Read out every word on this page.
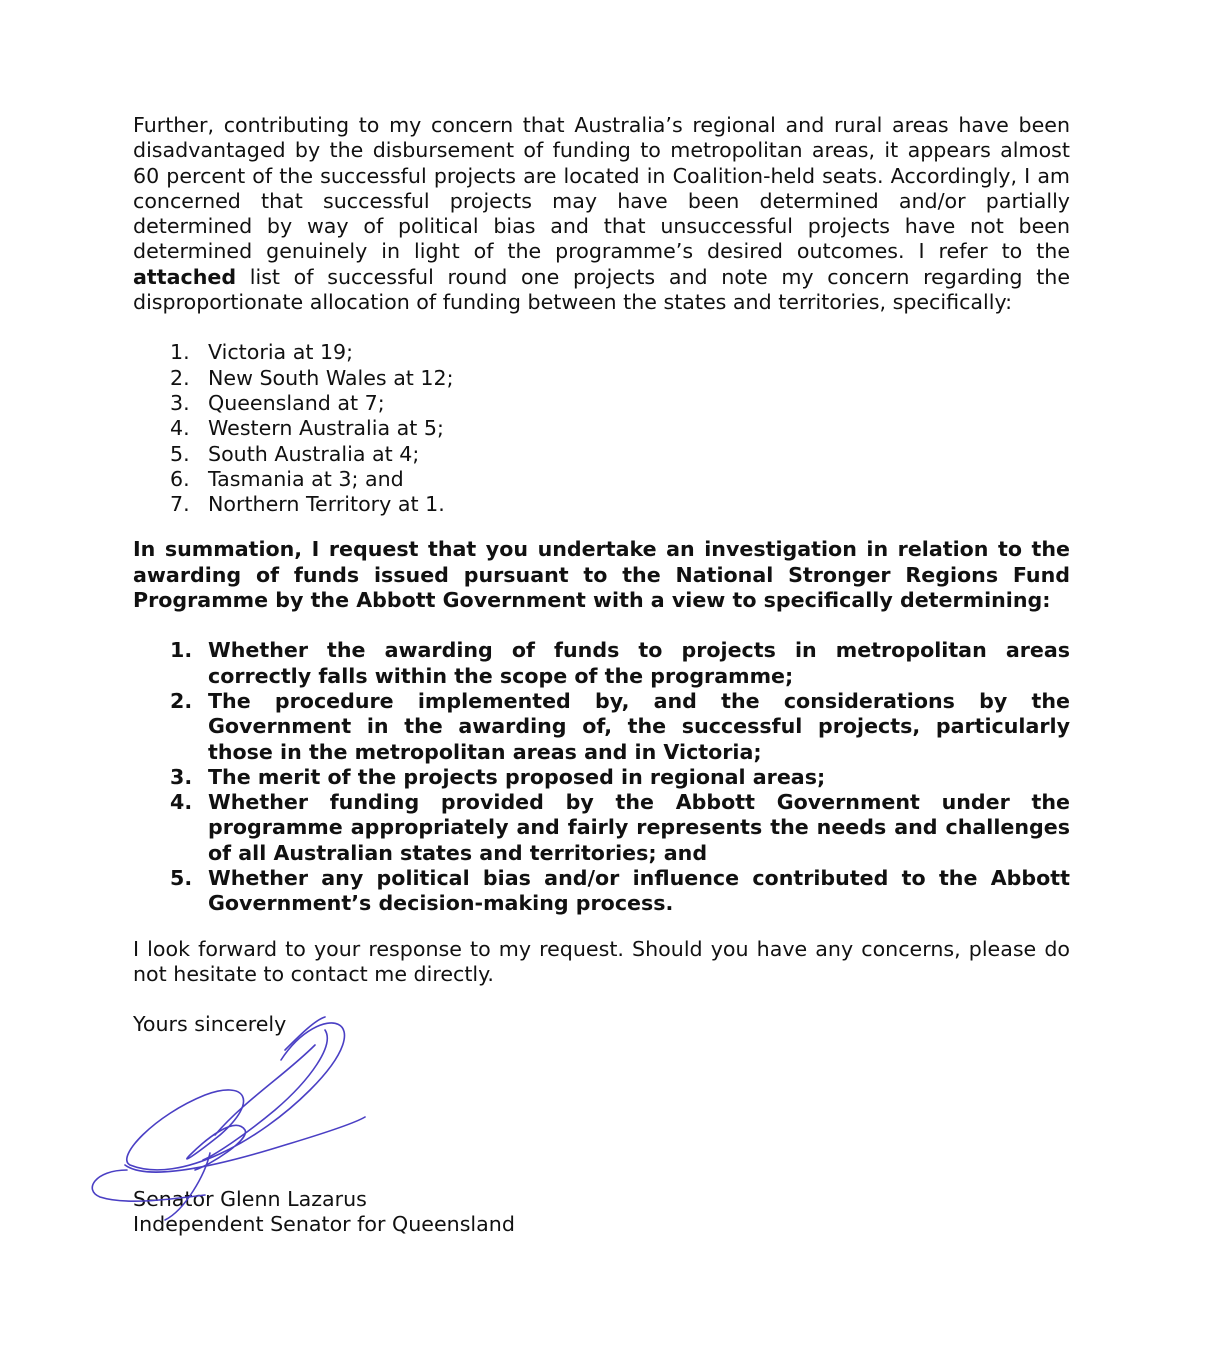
Further, contributing to my concern that Australia’s regional and rural areas have been disadvantaged by the disbursement of funding to metropolitan areas, it appears almost 60 percent of the successful projects are located in Coalition-held seats. Accordingly, I am concerned that successful projects may have been determined and/or partially determined by way of political bias and that unsuccessful projects have not been determined genuinely in light of the programme’s desired outcomes. I refer to the attached list of successful round one projects and note my concern regarding the disproportionate allocation of funding between the states and territories, specifically:

1. Victoria at 19;
2. New South Wales at 12;
3. Queensland at 7;
4. Western Australia at 5;
5. South Australia at 4;
6. Tasmania at 3; and
7. Northern Territory at 1.

In summation, I request that you undertake an investigation in relation to the awarding of funds issued pursuant to the National Stronger Regions Fund Programme by the Abbott Government with a view to specifically determining:

1. Whether the awarding of funds to projects in metropolitan areas correctly falls within the scope of the programme;
2. The procedure implemented by, and the considerations by the Government in the awarding of, the successful projects, particularly those in the metropolitan areas and in Victoria;
3. The merit of the projects proposed in regional areas;
4. Whether funding provided by the Abbott Government under the programme appropriately and fairly represents the needs and challenges of all Australian states and territories; and
5. Whether any political bias and/or influence contributed to the Abbott Government’s decision-making process.

I look forward to your response to my request. Should you have any concerns, please do not hesitate to contact me directly.

Yours sincerely

Senator Glenn Lazarus
Independent Senator for Queensland
